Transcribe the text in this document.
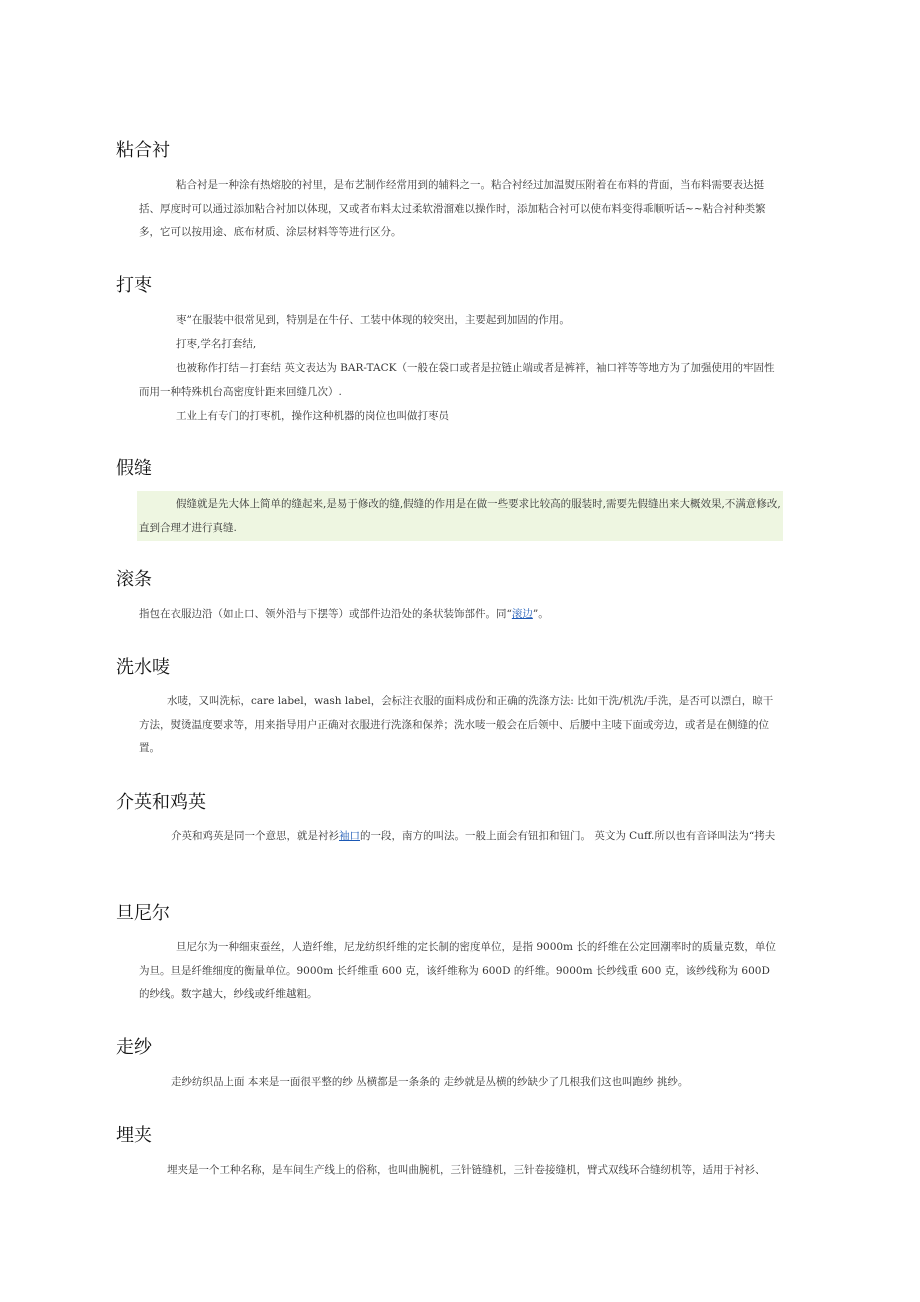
粘合衬

粘合衬是一种涂有热熔胶的衬里，是布艺制作经常用到的辅料之一。粘合衬经过加温熨压附着在布料的背面，当布料需要表达挺括、厚度时可以通过添加粘合衬加以体现，又或者布料太过柔软滑溜难以操作时，添加粘合衬可以使布料变得乖顺听话~~粘合衬种类繁多，它可以按用途、底布材质、涂层材料等等进行区分。

打枣

枣”在服装中很常见到，特别是在牛仔、工装中体现的较突出，主要起到加固的作用。

打枣,学名打套结,

也被称作打结－打套结 英文表达为 BAR-TACK（一般在袋口或者是拉链止端或者是裤袢，袖口袢等等地方为了加强使用的牢固性而用一种特殊机台高密度针距来回缝几次）.

工业上有专门的打枣机，操作这种机器的岗位也叫做打枣员

假缝

假缝就是先大体上简单的缝起来,是易于修改的缝,假缝的作用是在做一些要求比较高的服装时,需要先假缝出来大概效果,不满意修改,直到合理才进行真缝.

滚条

指包在衣服边沿（如止口、领外沿与下摆等）或部件边沿处的条状装饰部件。同“滚边”。

洗水唛

水唛，又叫洗标，care label，wash label，会标注衣服的面料成份和正确的洗涤方法: 比如干洗/机洗/手洗，是否可以漂白，晾干方法，熨烫温度要求等，用来指导用户正确对衣服进行洗涤和保养；洗水唛一般会在后领中、后腰中主唛下面或旁边，或者是在侧缝的位置。

介英和鸡英

介英和鸡英是同一个意思，就是衬衫袖口的一段，南方的叫法。一般上面会有钮扣和钮门。 英文为 Cuff.所以也有音译叫法为“拷夫

旦尼尔

旦尼尔为一种细束蚕丝，人造纤维，尼龙纺织纤维的定长制的密度单位，是指 9000m 长的纤维在公定回潮率时的质量克数，单位为旦。旦是纤维细度的衡量单位。9000m 长纤维重 600 克，该纤维称为 600D 的纤维。9000m 长纱线重 600 克，该纱线称为 600D 的纱线。数字越大，纱线或纤维越粗。

走纱

走纱纺织品上面 本来是一面很平整的纱 丛横都是一条条的 走纱就是丛横的纱缺少了几根我们这也叫跑纱 挑纱。

埋夹

埋夹是一个工种名称，是车间生产线上的俗称，也叫曲腕机，三针链缝机，三针卷接缝机，臂式双线环合缝纫机等，适用于衬衫、
